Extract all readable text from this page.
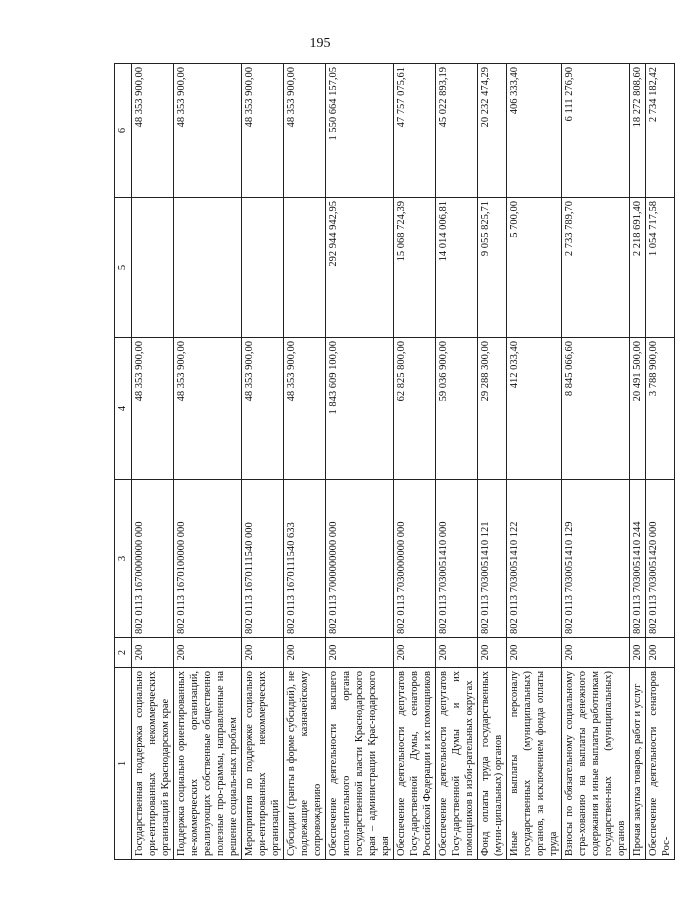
195
1	2	3	4	5	6
Государственная поддержка социально ори-ентированных некоммерческих организаций в Краснодарском крае	200	802 0113 1670000000 000	48 353 900,00		48 353 900,00
Поддержка социально ориентированных не-коммерческих организаций, реализующих собственные общественно полезные про-граммы, направленные на решение социаль-ных проблем	200	802 0113 1670100000 000	48 353 900,00		48 353 900,00
Мероприятия по поддержке социально ори-ентированных некоммерческих организаций	200	802 0113 1670111540 000	48 353 900,00		48 353 900,00
Субсидии (гранты в форме субсидий), не подлежащие казначейскому сопровождению	200	802 0113 1670111540 633	48 353 900,00		48 353 900,00
Обеспечение деятельности высшего испол-нительного органа государственной власти Краснодарского края – администрации Крас-нодарского края	200	802 0113 7000000000 000	1 843 609 100,00	292 944 942,95	1 550 664 157,05
Обеспечение деятельности депутатов Госу-дарственной Думы, сенаторов Российской Федерации и их помощников	200	802 0113 7030000000 000	62 825 800,00	15 068 724,39	47 757 075,61
Обеспечение деятельности депутатов Госу-дарственной Думы и их помощников в изби-рательных округах	200	802 0113 7030051410 000	59 036 900,00	14 014 006,81	45 022 893,19
Фонд оплаты труда государственных (муни-ципальных) органов	200	802 0113 7030051410 121	29 288 300,00	9 055 825,71	20 232 474,29
Иные выплаты персоналу государственных (муниципальных) органов, за исключением фонда оплаты труда	200	802 0113 7030051410 122	412 033,40	5 700,00	406 333,40
Взносы по обязательному социальному стра-хованию на выплаты денежного содержания и иные выплаты работникам государствен-ных (муниципальных) органов	200	802 0113 7030051410 129	8 845 066,60	2 733 789,70	6 111 276,90
Прочая закупка товаров, работ и услуг	200	802 0113 7030051410 244	20 491 500,00	2 218 691,40	18 272 808,60
Обеспечение деятельности сенаторов Рос-	200	802 0113 7030051420 000	3 788 900,00	1 054 717,58	2 734 182,42
